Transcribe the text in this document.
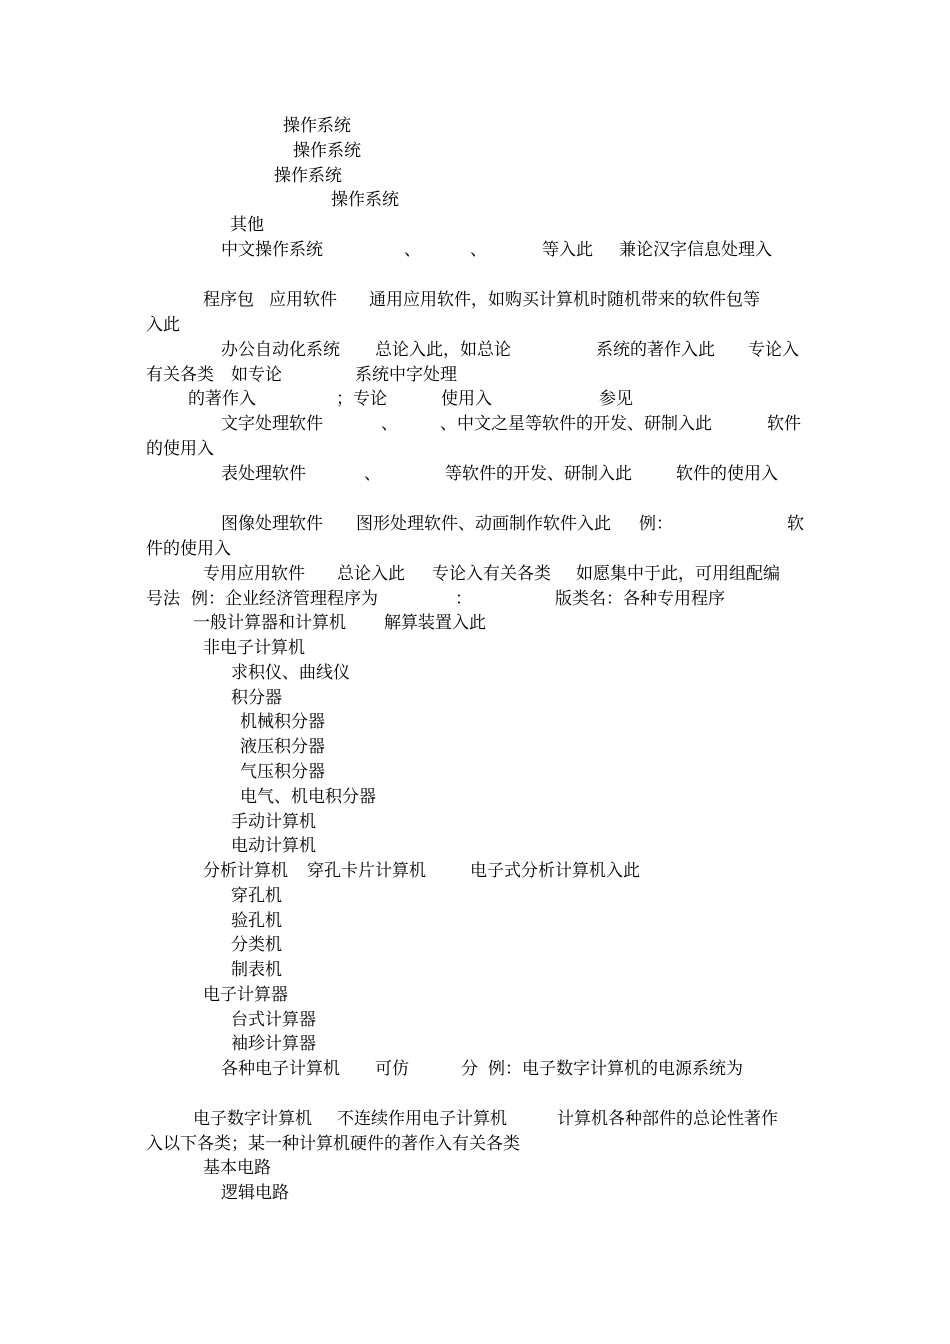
操作系统
操作系统
操作系统
操作系统
其他
中文操作系统	、	、	等入此 兼论汉字信息处理入
程序包 应用软件 通用应用软件，如购买计算机时随机带来的软件包等
入此
办公自动化系统 总论入此，如总论	系统的著作入此 专论入
有关各类 如专论	系统中字处理
的著作入	；专论	使用入	参见
文字处理软件	、 、中文之星等软件的开发、研制入此	软件
的使用入
表处理软件	、	等软件的开发、研制入此	软件的使用入
图像处理软件 图形处理软件、动画制作软件入此 例：	软
件的使用入
专用应用软件 总论入此 专论入有关各类 如愿集中于此，可用组配编
号法 例：企业经济管理程序为	：	版类名：各种专用程序
一般计算器和计算机 解算装置入此
非电子计算机
求积仪、曲线仪
积分器
机械积分器
液压积分器
气压积分器
电气、机电积分器
手动计算机
电动计算机
分析计算机 穿孔卡片计算机	电子式分析计算机入此
穿孔机
验孔机
分类机
制表机
电子计算器
台式计算器
袖珍计算器
各种电子计算机 可仿	分 例：电子数字计算机的电源系统为
电子数字计算机 不连续作用电子计算机	计算机各种部件的总论性著作
入以下各类；某一种计算机硬件的著作入有关各类
基本电路
逻辑电路
